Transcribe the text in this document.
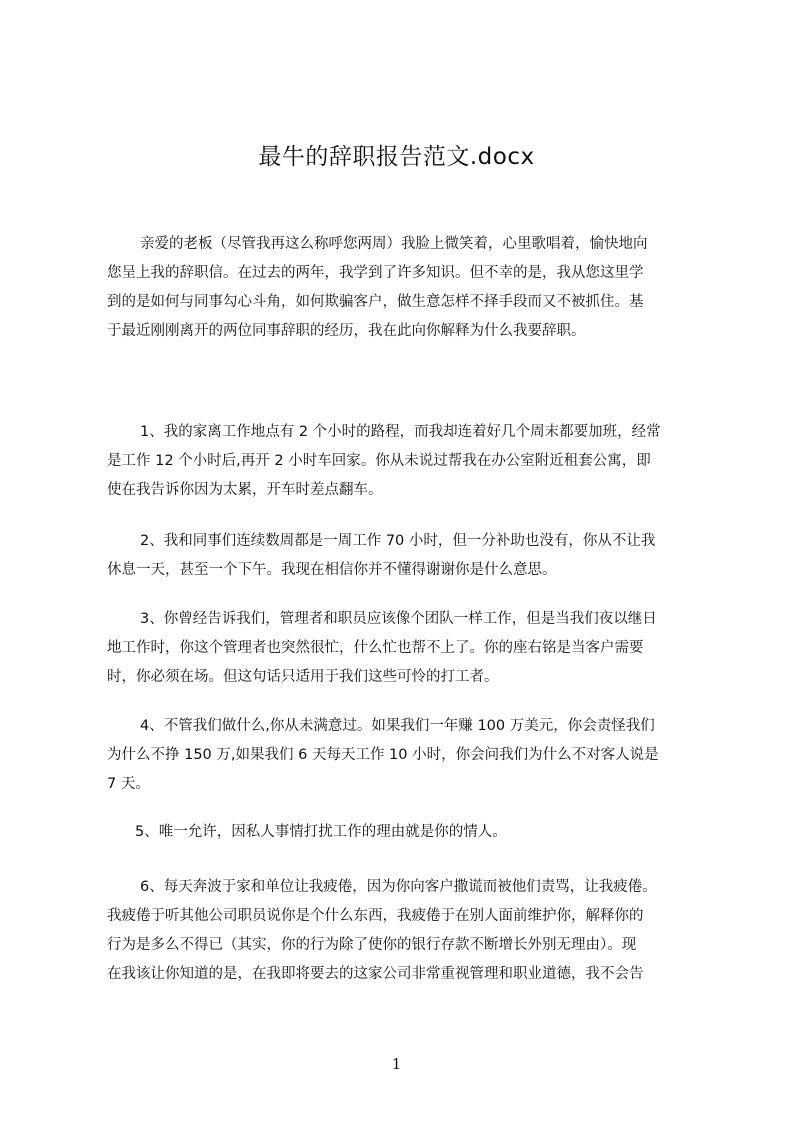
最牛的辞职报告范文.docx
亲爱的老板（尽管我再这么称呼您两周）我脸上微笑着，心里歌唱着，愉快地向
您呈上我的辞职信。在过去的两年，我学到了许多知识。但不幸的是，我从您这里学
到的是如何与同事勾心斗角，如何欺骗客户，做生意怎样不择手段而又不被抓住。基
于最近刚刚离开的两位同事辞职的经历，我在此向你解释为什么我要辞职。
1、我的家离工作地点有 2 个小时的路程，而我却连着好几个周末都要加班，经常
是工作 12 个小时后,再开 2 小时车回家。你从未说过帮我在办公室附近租套公寓，即
使在我告诉你因为太累，开车时差点翻车。
2、我和同事们连续数周都是一周工作 70 小时，但一分补助也没有，你从不让我
休息一天，甚至一个下午。我现在相信你并不懂得谢谢你是什么意思。
3、你曾经告诉我们，管理者和职员应该像个团队一样工作，但是当我们夜以继日
地工作时，你这个管理者也突然很忙，什么忙也帮不上了。你的座右铭是当客户需要
时，你必须在场。但这句话只适用于我们这些可怜的打工者。
4、不管我们做什么,你从未满意过。如果我们一年赚 100 万美元，你会责怪我们
为什么不挣 150 万,如果我们 6 天每天工作 10 小时，你会问我们为什么不对客人说是
7 天。
5、唯一允许，因私人事情打扰工作的理由就是你的情人。
6、每天奔波于家和单位让我疲倦，因为你向客户撒谎而被他们责骂，让我疲倦。
我疲倦于听其他公司职员说你是个什么东西，我疲倦于在别人面前维护你，解释你的
行为是多么不得已（其实，你的行为除了使你的银行存款不断增长外别无理由）。现
在我该让你知道的是，在我即将要去的这家公司非常重视管理和职业道德，我不会告
1
